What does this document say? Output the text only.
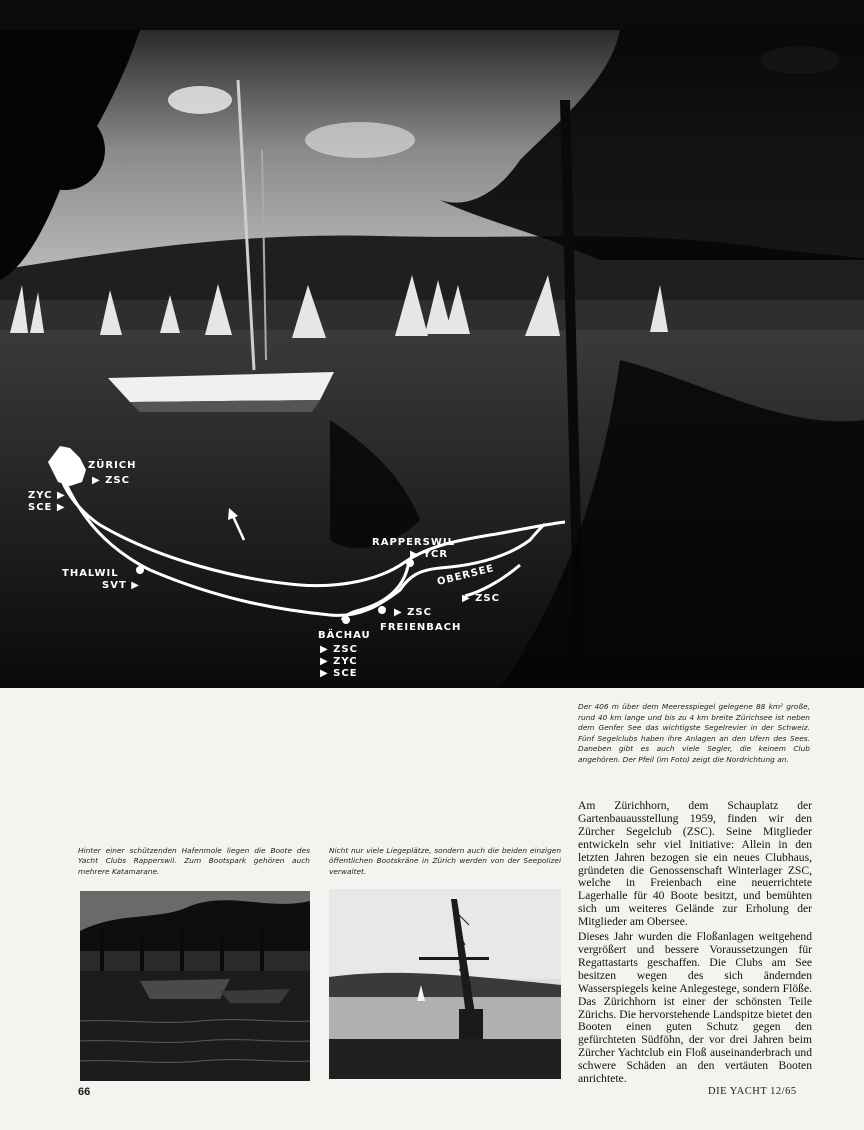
ZÜRICH
▶ ZSC
ZYC ▶
SCE ▶
THALWIL
SVT ▶
RAPPERSWIL
▶ YCR
OBERSEE
▶ ZSC
▶ ZSC
FREIENBACH
BÄCHAU
▶ ZSC
▶ ZYC
▶ SCE
Der 406 m über dem Meeresspiegel gelegene 88 km² große, rund 40 km lange und bis zu 4 km breite Zürichsee ist neben dem Genfer See das wichtigste Segelrevier in der Schweiz. Fünf Segelclubs haben ihre Anlagen an den Ufern des Sees. Daneben gibt es auch viele Segler, die keinem Club angehören. Der Pfeil (im Foto) zeigt die Nordrichtung an.

Am Zürichhorn, dem Schauplatz der Gartenbauausstellung 1959, finden wir den Zürcher Segelclub (ZSC). Seine Mitglieder entwickeln sehr viel Initiative: Allein in den letzten Jahren bezogen sie ein neues Clubhaus, gründeten die Genossenschaft Winterlager ZSC, welche in Freienbach eine neuerrichtete Lagerhalle für 40 Boote besitzt, und bemühten sich um weiteres Gelände zur Erholung der Mitglieder am Obersee.

Dieses Jahr wurden die Floßanlagen weitgehend vergrößert und bessere Voraussetzungen für Regattastarts geschaffen. Die Clubs am See besitzen wegen des sich ändernden Wasserspiegels keine Anlegestege, sondern Flöße. Das Zürichhorn ist einer der schönsten Teile Zürichs. Die hervorstehende Landspitze bietet den Booten einen guten Schutz gegen den gefürchteten Südföhn, der vor drei Jahren beim Zürcher Yachtclub ein Floß auseinanderbrach und schwere Schäden an den vertäuten Booten anrichtete.

Hinter einer schützenden Hafenmole liegen die Boote des Yacht Clubs Rapperswil. Zum Bootspark gehören auch mehrere Katamarane.
Nicht nur viele Liegeplätze, sondern auch die beiden einzigen öffentlichen Bootskräne in Zürich werden von der Seepolizei verwaltet.
66	DIE YACHT 12/65
